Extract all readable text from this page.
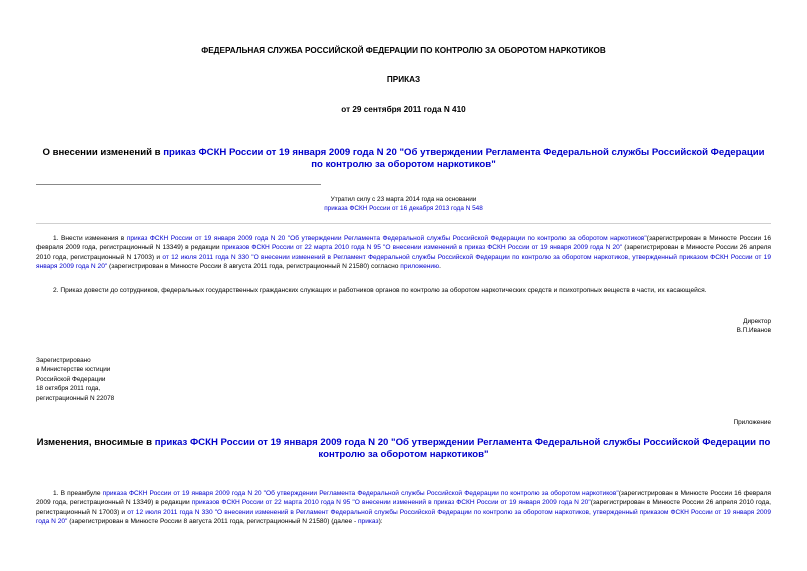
ФЕДЕРАЛЬНАЯ СЛУЖБА РОССИЙСКОЙ ФЕДЕРАЦИИ ПО КОНТРОЛЮ ЗА ОБОРОТОМ НАРКОТИКОВ
ПРИКАЗ
от 29 сентября 2011 года N 410
О внесении изменений в приказ ФСКН России от 19 января 2009 года N 20 "Об утверждении Регламента Федеральной службы Российской Федерации по контролю за оборотом наркотиков"
Утратил силу с 23 марта 2014 года на основании
приказа ФСКН России от 16 декабря 2013 года N 548
1. Внести изменения в приказ ФСКН России от 19 января 2009 года N 20 "Об утверждении Регламента Федеральной службы Российской Федерации по контролю за оборотом наркотиков"(зарегистрирован в Минюсте России 16 февраля 2009 года, регистрационный N 13349) в редакции приказов ФСКН России от 22 марта 2010 года N 95 "О внесении изменений в приказ ФСКН России от 19 января 2009 года N 20" (зарегистрирован в Минюсте России 26 апреля 2010 года, регистрационный N 17003) и от 12 июля 2011 года N 330 "О внесении изменений в Регламент Федеральной службы Российской Федерации по контролю за оборотом наркотиков, утвержденный приказом ФСКН России от 19 января 2009 года N 20" (зарегистрирован в Минюсте России 8 августа 2011 года, регистрационный N 21580) согласно приложению.
2. Приказ довести до сотрудников, федеральных государственных гражданских служащих и работников органов по контролю за оборотом наркотических средств и психотропных веществ в части, их касающейся.
Директор
В.П.Иванов
Зарегистрировано
в Министерстве юстиции
Российской Федерации
18 октября 2011 года,
регистрационный N 22078
Приложение
Изменения, вносимые в приказ ФСКН России от 19 января 2009 года N 20 "Об утверждении Регламента Федеральной службы Российской Федерации по контролю за оборотом наркотиков"
1. В преамбуле приказа ФСКН России от 19 января 2009 года N 20 "Об утверждении Регламента Федеральной службы Российской Федерации по контролю за оборотом наркотиков"(зарегистрирован в Минюсте России 16 февраля 2009 года, регистрационный N 13349) в редакции приказов ФСКН России от 22 марта 2010 года N 95 "О внесении изменений в приказ ФСКН России от 19 января 2009 года N 20"(зарегистрирован в Минюсте России 26 апреля 2010 года, регистрационный N 17003) и от 12 июля 2011 года N 330 "О внесении изменений в Регламент Федеральной службы Российской Федерации по контролю за оборотом наркотиков, утвержденный приказом ФСКН России от 19 января 2009 года N 20" (зарегистрирован в Минюсте России 8 августа 2011 года, регистрационный N 21580) (далее - приказ):
